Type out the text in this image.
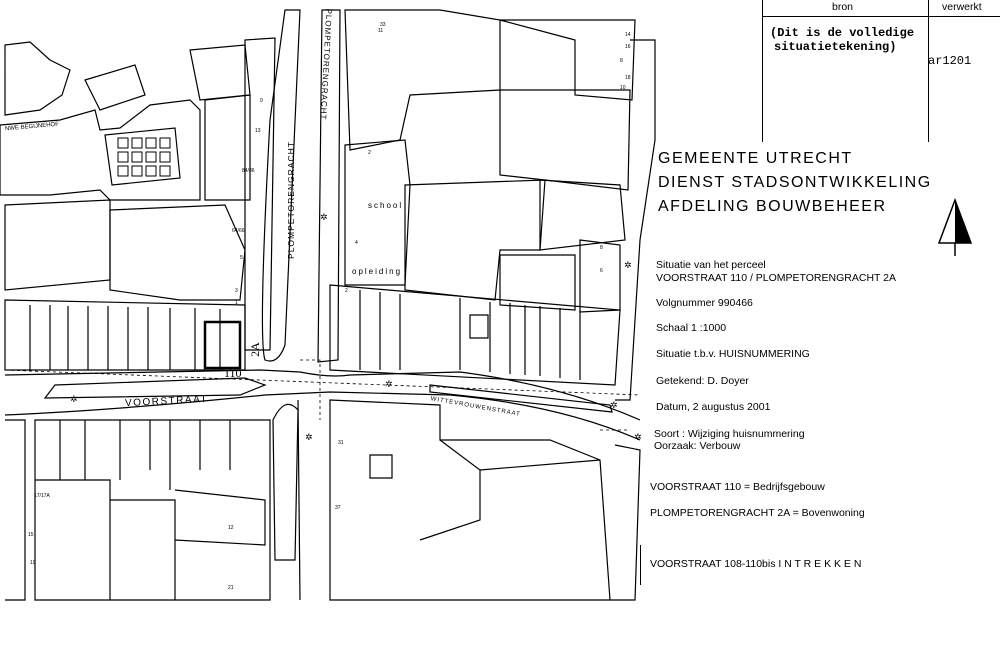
✲
✲
✲
✲
✲
✲
✲
VOORSTRAAT
PLOMPETORENGRACHT
PLOMPETORENGRACHT
WITTEVROUWENSTRAAT
NWE BEGIJNEHOF
school
opleiding
110
2A
9
5
3
1
13
11
17/17A
15
19
21
2
4
6
8
10
12
84/86
64/66
8
2
37
33
31
14
16
18
bron	verwerkt
(Dit is de volledige
situatietekening)
ar1201
GEMEENTE UTRECHT
DIENST STADSONTWIKKELING
AFDELING BOUWBEHEER
Situatie van het perceel
VOORSTRAAT 110 / PLOMPETORENGRACHT 2A
Volgnummer 990466
Schaal 1 :1000
Situatie t.b.v. HUISNUMMERING
Getekend: D. Doyer
Datum, 2 augustus 2001
Soort : Wijziging huisnummering
Oorzaak: Verbouw
VOORSTRAAT 110 = Bedrijfsgebouw
PLOMPETORENGRACHT 2A = Bovenwoning
VOORSTRAAT 108-110bis I N T R E K K E N
